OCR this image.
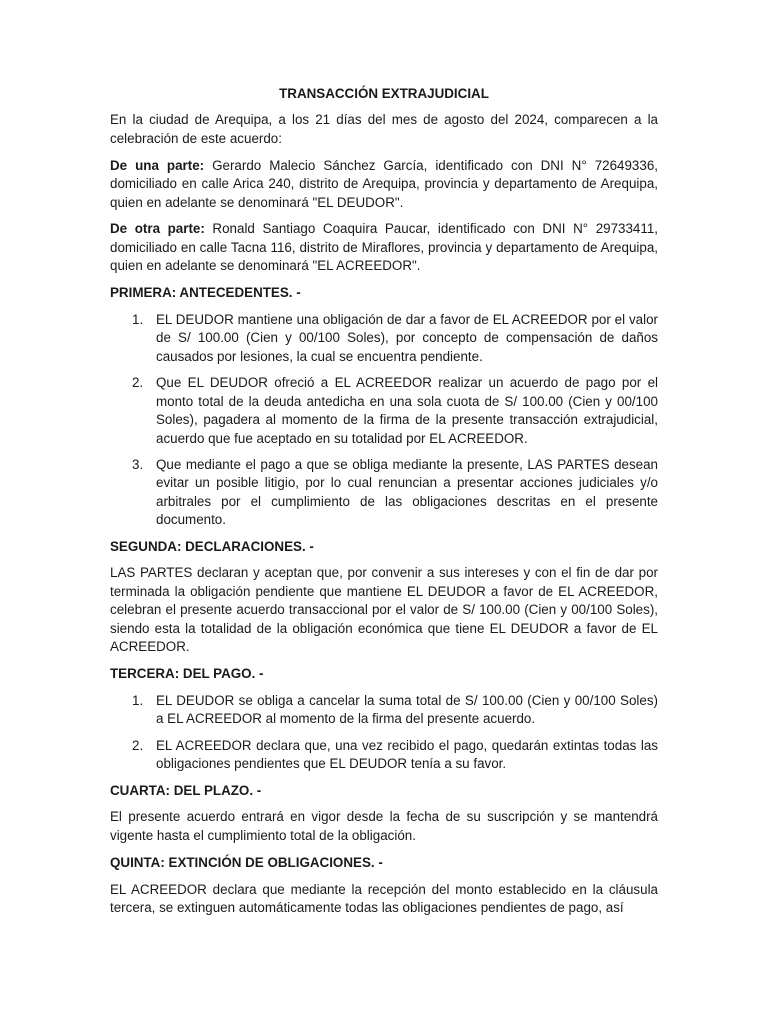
TRANSACCIÓN EXTRAJUDICIAL

En la ciudad de Arequipa, a los 21 días del mes de agosto del 2024, comparecen a la celebración de este acuerdo:

De una parte: Gerardo Malecio Sánchez García, identificado con DNI N° 72649336, domiciliado en calle Arica 240, distrito de Arequipa, provincia y departamento de Arequipa, quien en adelante se denominará "EL DEUDOR".

De otra parte: Ronald Santiago Coaquira Paucar, identificado con DNI N° 29733411, domiciliado en calle Tacna 116, distrito de Miraflores, provincia y departamento de Arequipa, quien en adelante se denominará "EL ACREEDOR".

PRIMERA: ANTECEDENTES. -
1. EL DEUDOR mantiene una obligación de dar a favor de EL ACREEDOR por el valor de S/ 100.00 (Cien y 00/100 Soles), por concepto de compensación de daños causados por lesiones, la cual se encuentra pendiente.
2. Que EL DEUDOR ofreció a EL ACREEDOR realizar un acuerdo de pago por el monto total de la deuda antedicha en una sola cuota de S/ 100.00 (Cien y 00/100 Soles), pagadera al momento de la firma de la presente transacción extrajudicial, acuerdo que fue aceptado en su totalidad por EL ACREEDOR.
3. Que mediante el pago a que se obliga mediante la presente, LAS PARTES desean evitar un posible litigio, por lo cual renuncian a presentar acciones judiciales y/o arbitrales por el cumplimiento de las obligaciones descritas en el presente documento.
SEGUNDA: DECLARACIONES. -

LAS PARTES declaran y aceptan que, por convenir a sus intereses y con el fin de dar por terminada la obligación pendiente que mantiene EL DEUDOR a favor de EL ACREEDOR, celebran el presente acuerdo transaccional por el valor de S/ 100.00 (Cien y 00/100 Soles), siendo esta la totalidad de la obligación económica que tiene EL DEUDOR a favor de EL ACREEDOR.

TERCERA: DEL PAGO. -
1. EL DEUDOR se obliga a cancelar la suma total de S/ 100.00 (Cien y 00/100 Soles) a EL ACREEDOR al momento de la firma del presente acuerdo.
2. EL ACREEDOR declara que, una vez recibido el pago, quedarán extintas todas las obligaciones pendientes que EL DEUDOR tenía a su favor.
CUARTA: DEL PLAZO. -

El presente acuerdo entrará en vigor desde la fecha de su suscripción y se mantendrá vigente hasta el cumplimiento total de la obligación.

QUINTA: EXTINCIÓN DE OBLIGACIONES. -

EL ACREEDOR declara que mediante la recepción del monto establecido en la cláusula tercera, se extinguen automáticamente todas las obligaciones pendientes de pago, así
